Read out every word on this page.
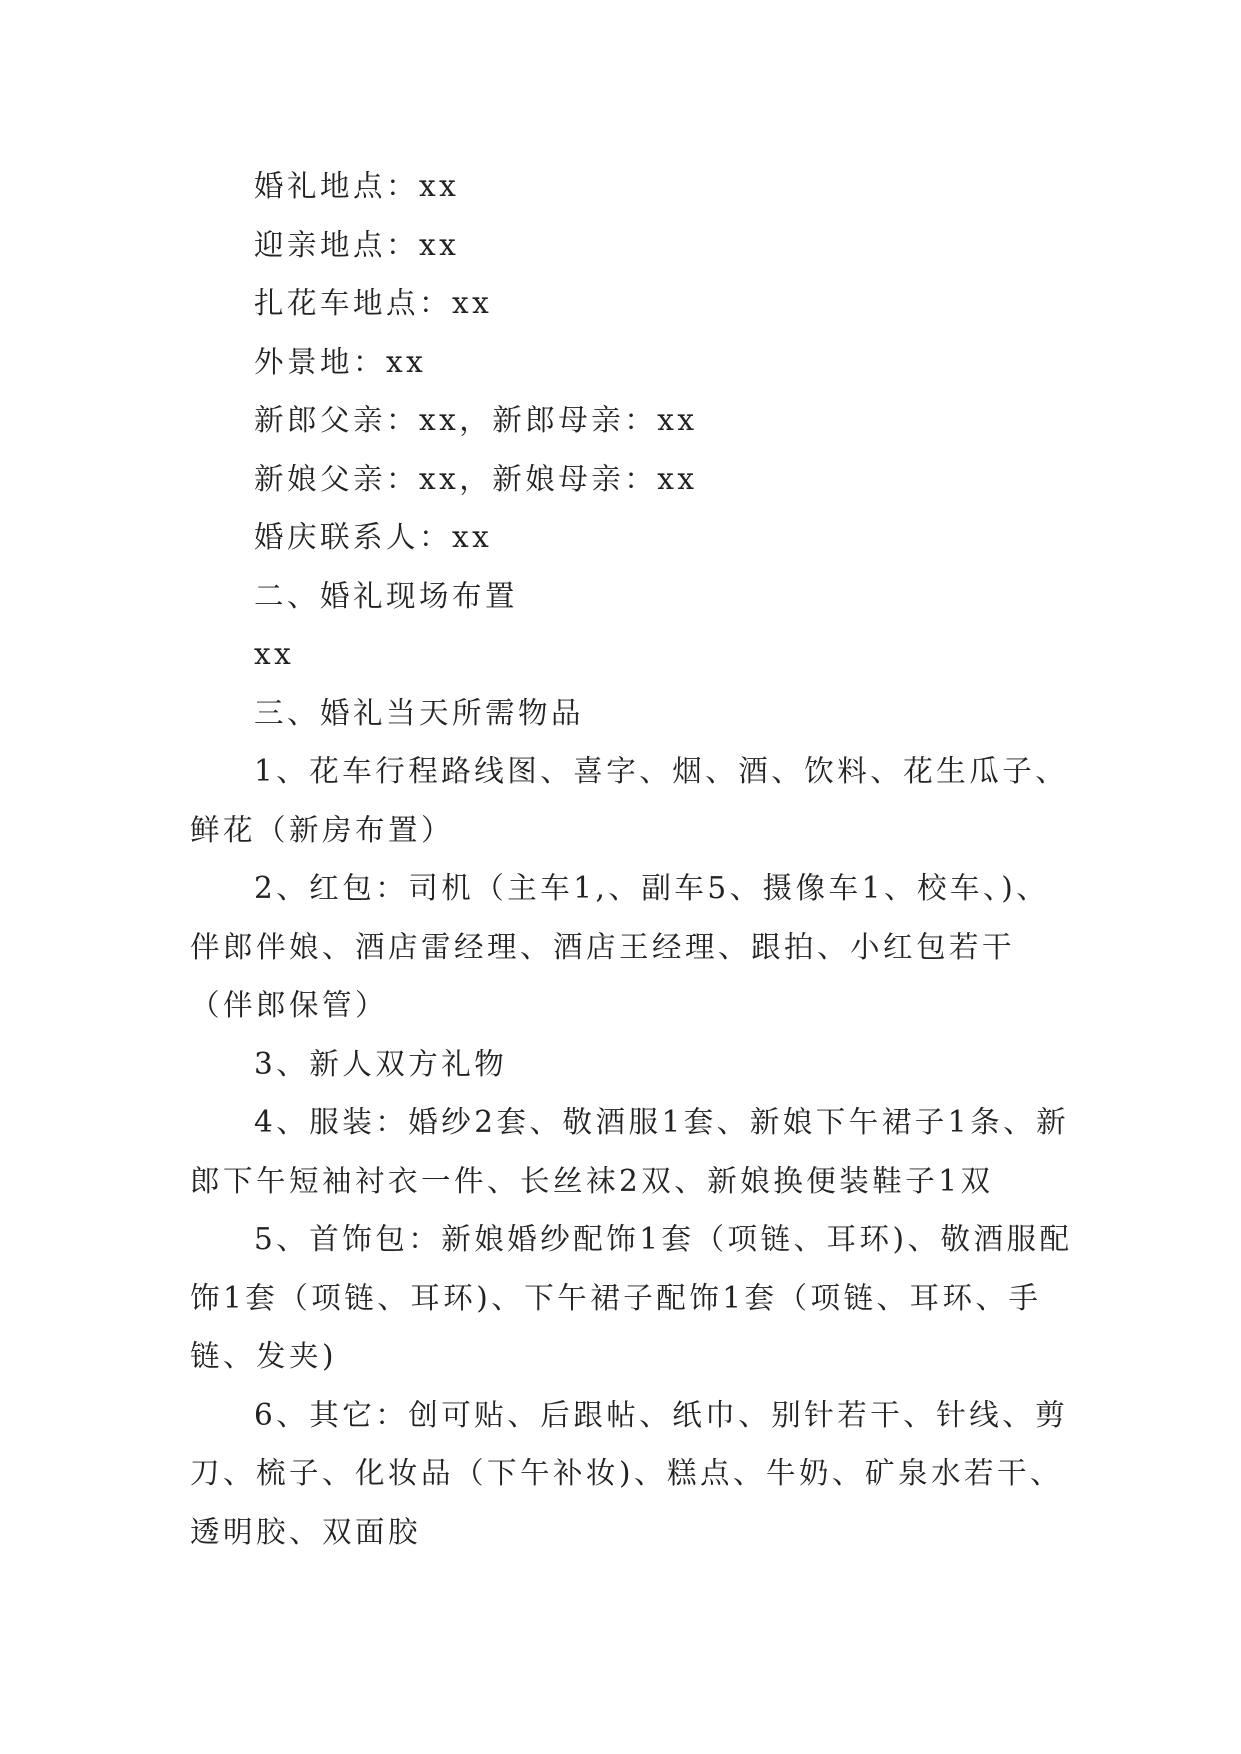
婚礼地点：xx

迎亲地点：xx

扎花车地点：xx

外景地：xx

新郎父亲：xx，新郎母亲：xx

新娘父亲：xx，新娘母亲：xx

婚庆联系人：xx

二、婚礼现场布置

xx

三、婚礼当天所需物品

1、花车行程路线图、喜字、烟、酒、饮料、花生瓜子、鲜花（新房布置）

2、红包：司机（主车1,、副车5、摄像车1、校车、)、伴郎伴娘、酒店雷经理、酒店王经理、跟拍、小红包若干（伴郎保管）

3、新人双方礼物

4、服装：婚纱2套、敬酒服1套、新娘下午裙子1条、新郎下午短袖衬衣一件、长丝袜2双、新娘换便装鞋子1双

5、首饰包：新娘婚纱配饰1套（项链、耳环)、敬酒服配饰1套（项链、耳环)、下午裙子配饰1套（项链、耳环、手链、发夹)

6、其它：创可贴、后跟帖、纸巾、别针若干、针线、剪刀、梳子、化妆品（下午补妆)、糕点、牛奶、矿泉水若干、透明胶、双面胶
